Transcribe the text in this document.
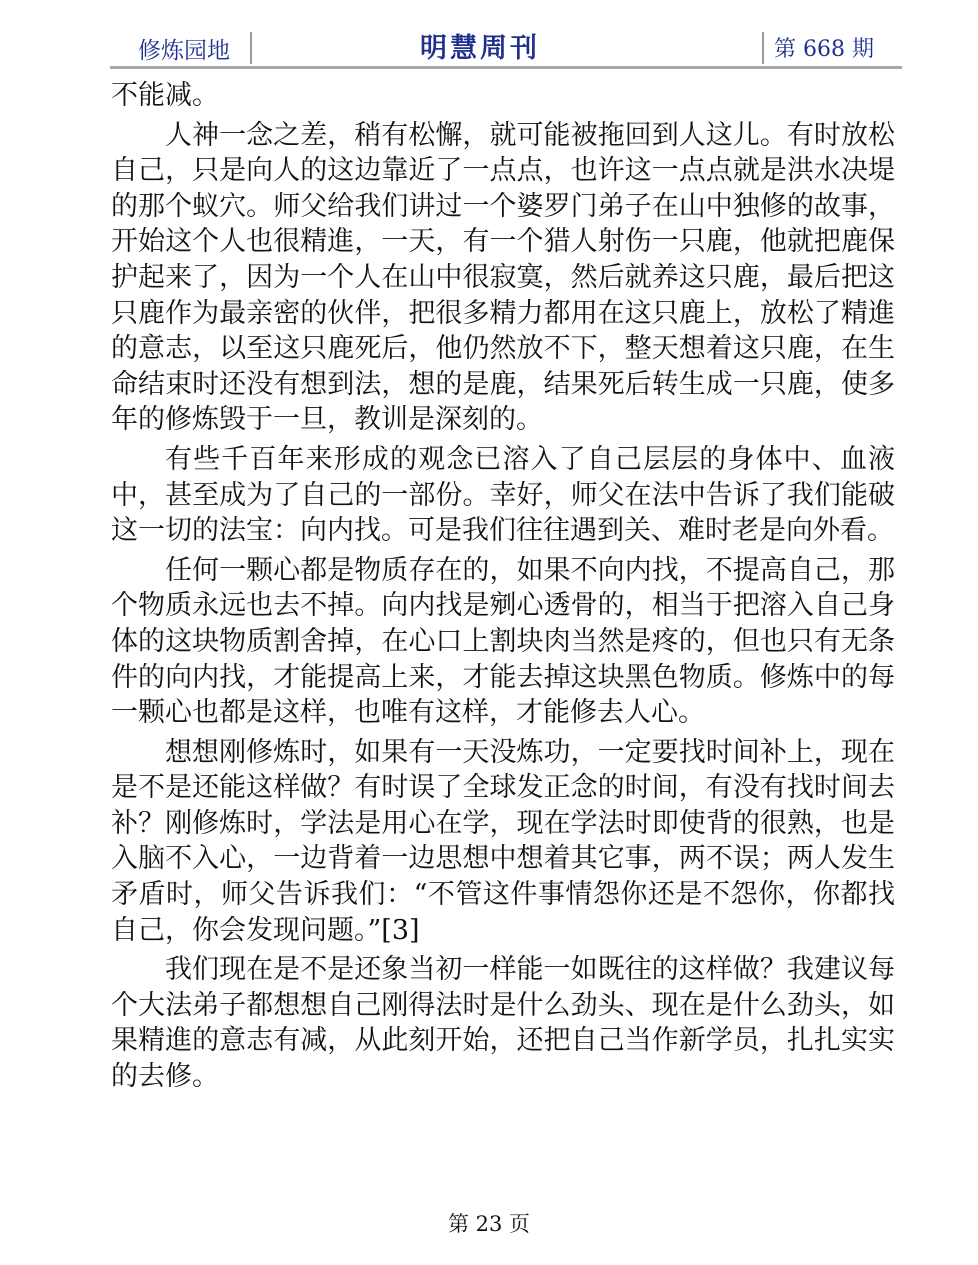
修炼园地	明慧周刊	第 668 期

不能减。

人神一念之差，稍有松懈，就可能被拖回到人这儿。有时放松自己，只是向人的这边靠近了一点点，也许这一点点就是洪水决堤的那个蚁穴。师父给我们讲过一个婆罗门弟子在山中独修的故事，开始这个人也很精進，一天，有一个猎人射伤一只鹿，他就把鹿保护起来了，因为一个人在山中很寂寞，然后就养这只鹿，最后把这只鹿作为最亲密的伙伴，把很多精力都用在这只鹿上，放松了精進的意志，以至这只鹿死后，他仍然放不下，整天想着这只鹿，在生命结束时还没有想到法，想的是鹿，结果死后转生成一只鹿，使多年的修炼毁于一旦，教训是深刻的。

有些千百年来形成的观念已溶入了自己层层的身体中、血液中，甚至成为了自己的一部份。幸好，师父在法中告诉了我们能破这一切的法宝：向内找。可是我们往往遇到关、难时老是向外看。

任何一颗心都是物质存在的，如果不向内找，不提高自己，那个物质永远也去不掉。向内找是剜心透骨的，相当于把溶入自己身体的这块物质割舍掉，在心口上割块肉当然是疼的，但也只有无条件的向内找，才能提高上来，才能去掉这块黑色物质。修炼中的每一颗心也都是这样，也唯有这样，才能修去人心。

想想刚修炼时，如果有一天没炼功，一定要找时间补上，现在是不是还能这样做？有时误了全球发正念的时间，有没有找时间去补？刚修炼时，学法是用心在学，现在学法时即使背的很熟，也是入脑不入心，一边背着一边思想中想着其它事，两不误；两人发生矛盾时，师父告诉我们：“不管这件事情怨你还是不怨你，你都找自己，你会发现问题。”[3]

我们现在是不是还象当初一样能一如既往的这样做？我建议每个大法弟子都想想自己刚得法时是什么劲头、现在是什么劲头，如果精進的意志有减，从此刻开始，还把自己当作新学员，扎扎实实的去修。

第 23 页
